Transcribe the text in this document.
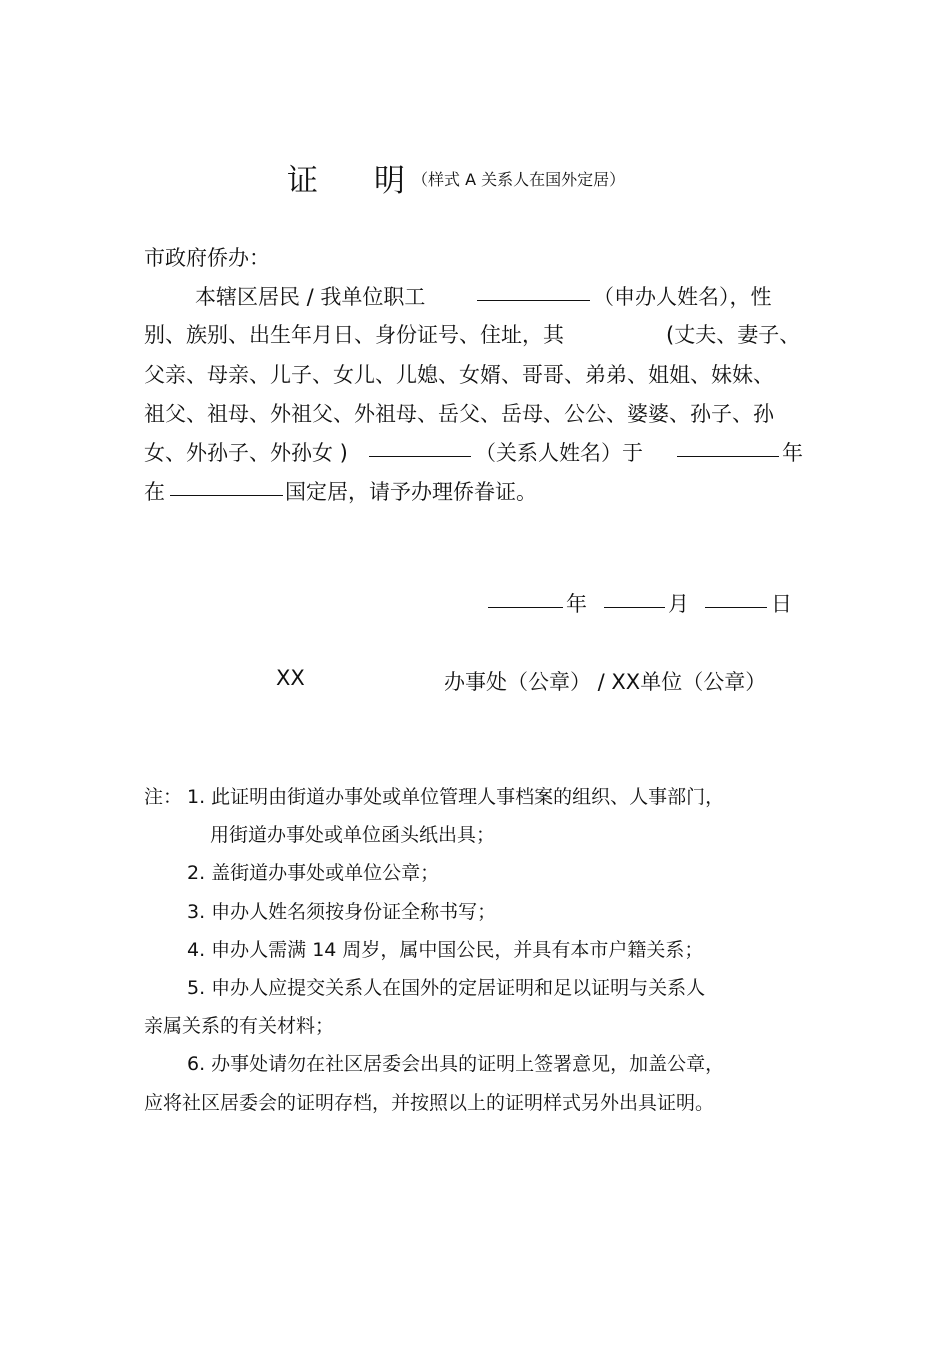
证 明 （样式 A 关系人在国外定居）
市政府侨办：
本辖区居民 / 我单位职工	（申办人姓名），性
别、族别、出生年月日、身份证号、住址，其	(丈夫、妻子、
父亲、母亲、儿子、女儿、儿媳、女婿、哥哥、弟弟、姐姐、妹妹、
祖父、祖母、外祖父、外祖母、岳父、岳母、公公、婆婆、孙子、孙
女、外孙子、外孙女 )	（关系人姓名）于	年
在	国定居，请予办理侨眷证。
年	月	日
XX	办事处（公章） / XX单位（公章）
注： 1. 此证明由街道办事处或单位管理人事档案的组织、人事部门，
用街道办事处或单位函头纸出具；
2. 盖街道办事处或单位公章；
3. 申办人姓名须按身份证全称书写；
4. 申办人需满 14 周岁，属中国公民，并具有本市户籍关系；
5. 申办人应提交关系人在国外的定居证明和足以证明与关系人
亲属关系的有关材料；
6. 办事处请勿在社区居委会出具的证明上签署意见，加盖公章，
应将社区居委会的证明存档，并按照以上的证明样式另外出具证明。
